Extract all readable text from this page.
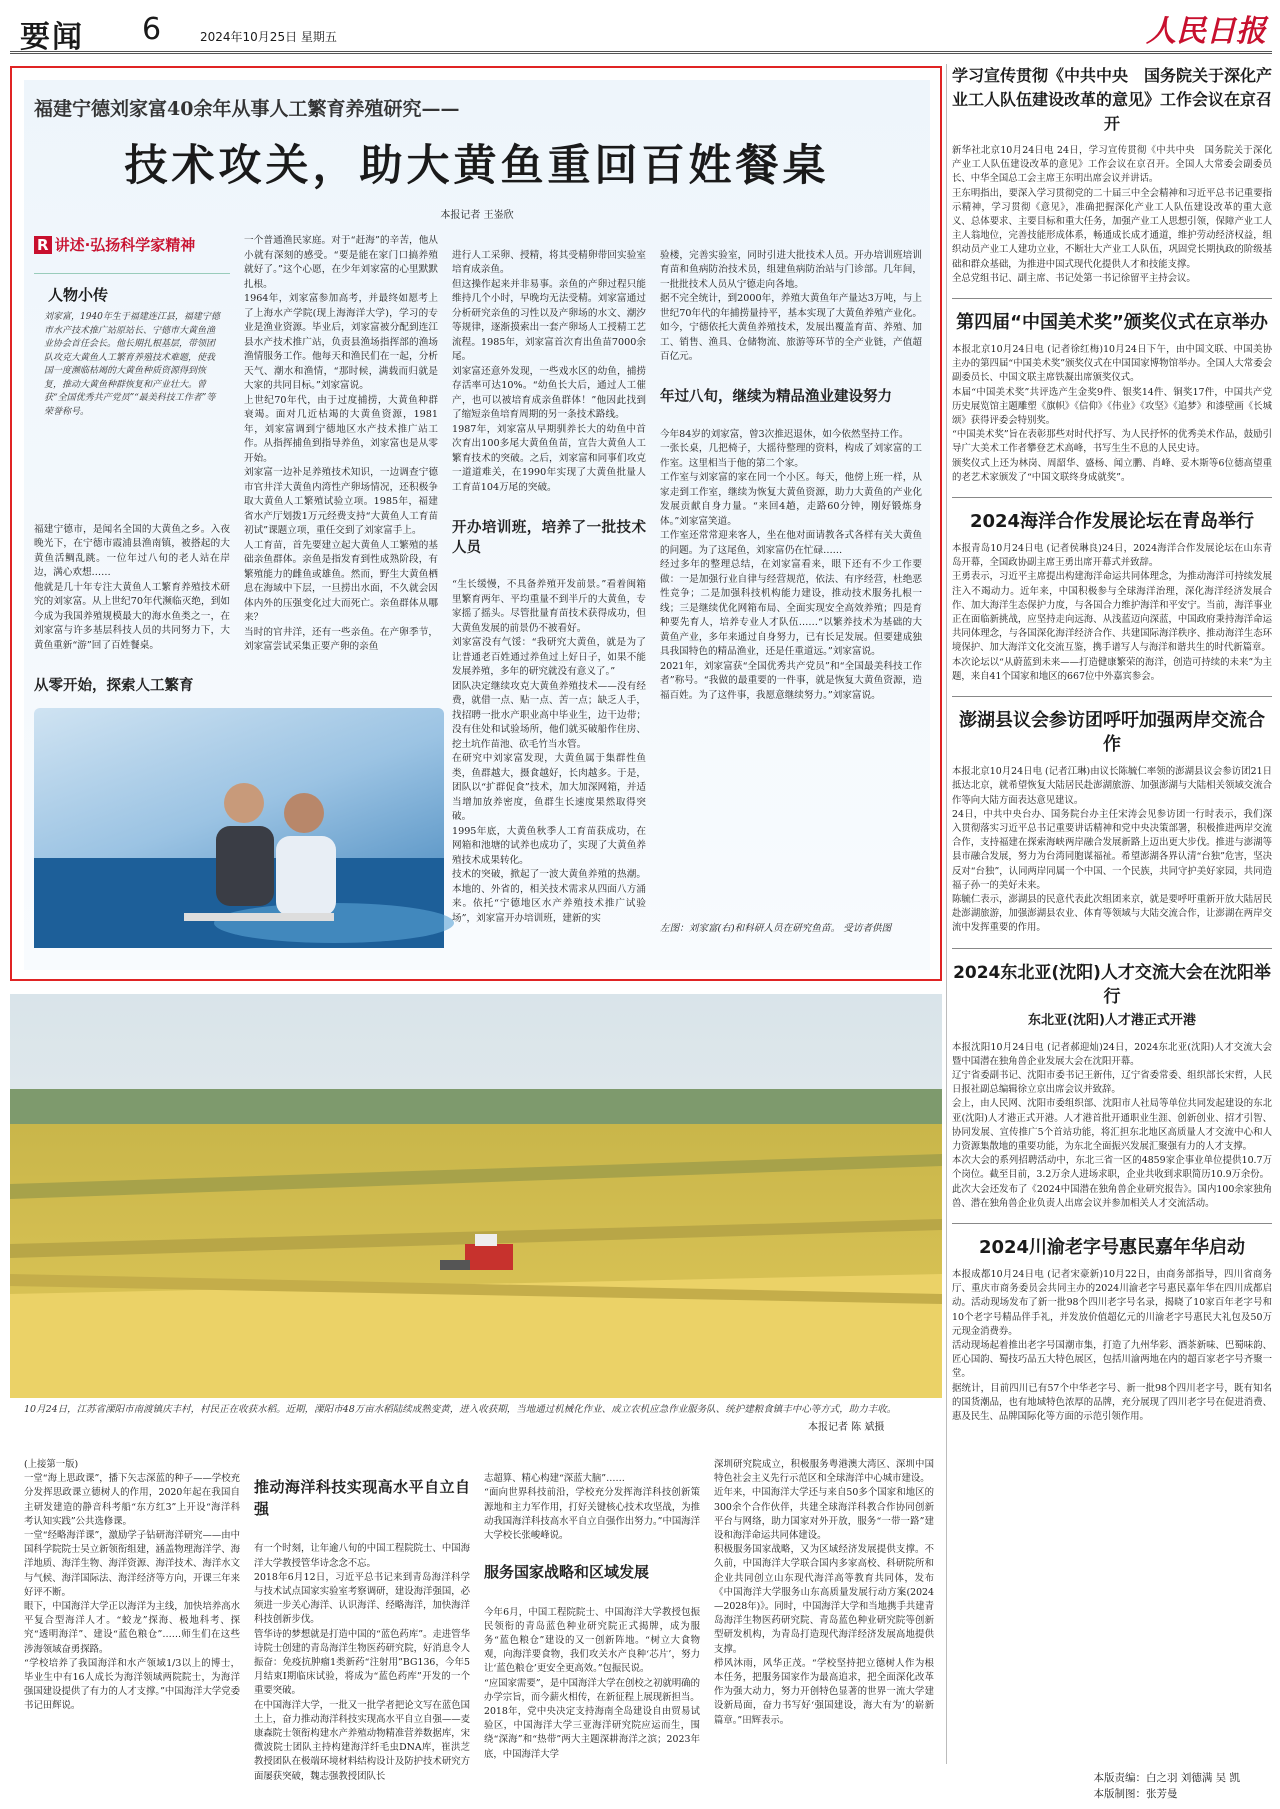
要闻 6	2024年10月25日 星期五	人民日报
福建宁德刘家富40余年从事人工繁育养殖研究——
技术攻关，助大黄鱼重回百姓餐桌
本报记者 王崟欣
R 讲述·弘扬科学家精神
人物小传

刘家富，1940年生于福建连江县，福建宁德市水产技术推广站原站长、宁德市大黄鱼渔业协会首任会长。他长期扎根基层，带领团队攻克大黄鱼人工繁育养殖技术难题，使我国一度濒临枯竭的大黄鱼种质资源得到恢复，推动大黄鱼种群恢复和产业壮大。曾获“全国优秀共产党员”“最美科技工作者”等荣誉称号。

福建宁德市，是闻名全国的大黄鱼之乡。入夜晚光下，在宁德市霞浦县渔南镇，被搭起的大黄鱼活鲷乱跳。一位年过八旬的老人站在岸边，满心欢想……
他就是几十年专注大黄鱼人工繁育养殖技术研究的刘家富。从上世纪70年代濒临灭绝，到如今成为我国养殖规模最大的海水鱼类之一，在刘家富与许多基层科技人员的共同努力下，大黄鱼重新“游”回了百姓餐桌。

从零开始，探索人工繁育

一个普通渔民家庭。对于“赶海”的辛苦，他从小就有深刻的感受。“要是能在家门口搞养殖就好了。”这个心愿，在少年刘家富的心里默默扎根。
1964年，刘家富参加高考，并最终如愿考上了上海水产学院(现上海海洋大学)，学习的专业是渔业资源。毕业后，刘家富被分配到连江县水产技术推广站，负责县渔场指挥部的渔场渔情服务工作。他每天和渔民们在一起，分析天气、潮水和渔情，“那时候，满载而归就是大家的共同目标。”刘家富说。
上世纪70年代，由于过度捕捞，大黄鱼种群衰竭。面对几近枯竭的大黄鱼资源，1981年，刘家富调到宁德地区水产技术推广站工作。从指挥捕鱼到指导养鱼，刘家富也是从零开始。
刘家富一边补足养殖技术知识，一边调查宁德市官井洋大黄鱼内湾性产卵场情况，还积极争取大黄鱼人工繁殖试验立项。1985年，福建省水产厅划拨1万元经费支持“大黄鱼人工育苗初试”课题立项，重任交到了刘家富手上。
人工育苗，首先要建立起大黄鱼人工繁殖的基础亲鱼群体。亲鱼是指发育到性成熟阶段，有繁殖能力的雌鱼或雄鱼。然而，野生大黄鱼栖息在海域中下层，一旦捞出水面，不久就会因体内外的压强变化过大而死亡。亲鱼群体从哪来？
当时的官井洋，还有一些亲鱼。在产卵季节，刘家富尝试采集正要产卵的亲鱼

进行人工采卵、授精，将其受精卵带回实验室培育成亲鱼。
但这操作起来并非易事。亲鱼的产卵过程只能维持几个小时，早晚均无法受精。刘家富通过分析研究亲鱼的习性以及产卵场的水文、潮汐等规律，逐渐摸索出一套产卵场人工授精工艺流程。1985年，刘家富首次育出鱼苗7000余尾。
刘家富还意外发现，一些戏水区的幼鱼，捕捞存活率可达10%。“幼鱼长大后，通过人工催产，也可以被培育成亲鱼群体！”他因此找到了缩短亲鱼培育周期的另一条技术路线。
1987年，刘家富从早期驯养长大的幼鱼中首次育出100多尾大黄鱼鱼苗，宣告大黄鱼人工繁育技术的突破。之后，刘家富和同事们攻克一道道难关，在1990年实现了大黄鱼批量人工育苗104万尾的突破。

开办培训班，培养了一批技术人员

“生长缓慢，不具备养殖开发前景。”看着闽箱里繁育两年、平均重量不到半斤的大黄鱼，专家摇了摇头。尽管批量育苗技术获得成功，但大黄鱼发展的前景仍不被看好。
刘家富没有气馁：“我研究大黄鱼，就是为了让普通老百姓通过养鱼过上好日子，如果不能发展养殖，多年的研究就没有意义了。”
团队决定继续攻克大黄鱼养殖技术——没有经费，就借一点、贴一点、苦一点；缺乏人手，找招聘一批水产职业高中毕业生，边干边带；没有住处和试验场所，他们就买破船作住房、挖土坑作苗池、砍毛竹当水管。
在研究中刘家富发现，大黄鱼属于集群性鱼类，鱼群越大，摄食越好，长肉越多。于是，团队以“扩群促食”技术，加大加深网箱，并适当增加放养密度，鱼群生长速度果然取得突破。
1995年底，大黄鱼秋季人工育苗获成功，在网箱和池塘的试养也成功了，实现了大黄鱼养殖技术成果转化。
技术的突破，掀起了一波大黄鱼养殖的热潮。本地的、外省的，相关技术需求从四面八方涌来。依托“宁德地区水产养殖技术推广试验场”，刘家富开办培训班，建新的实

验楼，完善实验室，同时引进大批技术人员。开办培训班培训育苗和鱼病防治技术员，组建鱼病防治站与门诊部。几年间，一批批技术人员从宁德走向各地。
据不完全统计，到2000年，养殖大黄鱼年产量达3万吨，与上世纪70年代的年捕捞量持平，基本实现了大黄鱼养殖产业化。如今，宁德依托大黄鱼养殖技术，发展出覆盖育苗、养殖、加工、销售、渔具、仓储物流、旅游等环节的全产业链，产值超百亿元。

年过八旬，继续为精品渔业建设努力

今年84岁的刘家富，曾3次推迟退休，如今依然坚持工作。
一张长桌，几把椅子，大摇待整理的资料，构成了刘家富的工作室。这里相当于他的第二个家。
工作室与刘家富的家在同一个小区。每天，他傍上班一样，从家走到工作室，继续为恢复大黄鱼资源，助力大黄鱼的产业化发展贡献自身力量。“来回4趟，走路60分钟，刚好锻炼身体。”刘家富笑道。
工作室还常常迎来客人，坐在他对面请教各式各样有关大黄鱼的问题。为了这尾鱼，刘家富仍在忙碌……
经过多年的整理总结，在刘家富看来，眼下还有不少工作要做：一是加强行业自律与经营规范，依法、有序经营，杜绝恶性竞争；二是加强科技机构能力建设，推动技术服务扎根一线；三是继续优化网箱布局、全面实现安全高效养殖；四是育种要先育人，培养专业人才队伍……“以繁养技术为基础的大黄鱼产业，多年来通过自身努力，已有长足发展。但要建成独具我国特色的精品渔业，还是任重道远。”刘家富说。
2021年，刘家富获“全国优秀共产党员”和“全国最美科技工作者”称号。“我做的最重要的一件事，就是恢复大黄鱼资源，造福百姓。为了这件事，我愿意继续努力。”刘家富说。

左图：刘家富(右)和科研人员在研究鱼苗。 受访者供图
学习宣传贯彻《中共中央　国务院关于深化产业工人队伍建设改革的意见》工作会议在京召开
新华社北京10月24日电 24日，学习宣传贯彻《中共中央　国务院关于深化产业工人队伍建设改革的意见》工作会议在京召开。全国人大常委会副委员长、中华全国总工会主席王东明出席会议并讲话。
王东明指出，要深入学习贯彻党的二十届三中全会精神和习近平总书记重要指示精神，学习贯彻《意见》，准确把握深化产业工人队伍建设改革的重大意义、总体要求、主要目标和重大任务，加强产业工人思想引领，保障产业工人主人翁地位，完善技能形成体系，畅通成长成才通道，维护劳动经济权益，组织动员产业工人建功立业，不断壮大产业工人队伍，巩固党长期执政的阶级基础和群众基础，为推进中国式现代化提供人才和技能支撑。
全总党组书记、副主席、书记处第一书记徐留平主持会议。
第四届“中国美术奖”颁奖仪式在京举办
本报北京10月24日电 (记者徐红梅)10月24日下午，由中国文联、中国美协主办的第四届“中国美术奖”颁奖仪式在中国国家博物馆举办。全国人大常委会副委员长、中国文联主席铁凝出席颁奖仪式。
本届“中国美术奖”共评选产生金奖9件、银奖14件、铜奖17件，中国共产党历史展览馆主题雕塑《旗帜》《信仰》《伟业》《攻坚》《追梦》和漆壁画《长城颂》获得评委会特别奖。
“中国美术奖”旨在表彰那些对时代抒写、为人民抒怀的优秀美术作品，鼓励引导广大美术工作者攀登艺术高峰，书写生生不息的人民史诗。
颁奖仪式上还为林岗、周韶华、盛杨、闻立鹏、肖峰、妥木斯等6位德高望重的老艺术家颁发了“中国文联终身成就奖”。
2024海洋合作发展论坛在青岛举行
本报青岛10月24日电 (记者侯琳良)24日，2024海洋合作发展论坛在山东青岛开幕，全国政协副主席王勇出席开幕式并致辞。
王勇表示，习近平主席提出构建海洋命运共同体理念，为推动海洋可持续发展注入不竭动力。近年来，中国积极参与全球海洋治理，深化海洋经济发展合作、加大海洋生态保护力度，与各国合力维护海洋和平安宁。当前，海洋事业正在面临新挑战，应坚持走向远海、从浅蓝迈向深蓝，中国政府秉持海洋命运共同体理念，与各国深化海洋经济合作、共建国际海洋秩序、推动海洋生态环境保护、加大海洋文化交流互鉴，携手谱写人与海洋和谐共生的时代新篇章。
本次论坛以“从蔚蓝到未来——打造健康繁荣的海洋，创造可持续的未来”为主题，来自41个国家和地区的667位中外嘉宾参会。
澎湖县议会参访团呼吁加强两岸交流合作
本报北京10月24日电 (记者江琳)由议长陈毓仁率领的澎湖县议会参访团21日抵达北京，就希望恢复大陆居民赴澎湖旅游、加强澎湖与大陆相关领域交流合作等向大陆方面表达意见建议。
24日，中共中央台办、国务院台办主任宋涛会见参访团一行时表示，我们深入贯彻落实习近平总书记重要讲话精神和党中央决策部署，积极推进两岸交流合作，支持福建在探索海峡两岸融合发展新路上迈出更大步伐。推进与澎湖等县市融合发展，努力为台湾同胞谋福祉。希望澎湖各界认清“台独”危害，坚决反对“台独”，认同两岸同属一个中国、一个民族，共同守护美好家园，共同造福子孙一的美好未来。
陈毓仁表示，澎湖县的民意代表此次组团来京，就是要呼吁重新开放大陆居民赴澎湖旅游，加强澎湖县农业、体育等领域与大陆交流合作，让澎湖在两岸交流中发挥重要的作用。
2024东北亚(沈阳)人才交流大会在沈阳举行
东北亚(沈阳)人才港正式开港
本报沈阳10月24日电 (记者郝迎灿)24日，2024东北亚(沈阳)人才交流大会暨中国潜在独角兽企业发展大会在沈阳开幕。
辽宁省委副书记、沈阳市委书记王新伟，辽宁省委常委、组织部长宋哲，人民日报社副总编辑徐立京出席会议并致辞。
会上，由人民网、沈阳市委组织部、沈阳市人社局等单位共同发起建设的东北亚(沈阳)人才港正式开港。人才港首批开通职业生涯、创新创业、招才引智、协同发展、宣传推广5个首站功能，将汇担东北地区高质量人才交流中心和人力资源集散地的重要功能，为东北全面振兴发展汇聚强有力的人才支撑。
本次大会的系列招聘活动中，东北三省一区的4859家企事业单位提供10.7万个岗位。截至目前，3.2万余人进场求职，企业共收到求职简历10.9万余份。
此次大会还发布了《2024中国潜在独角兽企业研究报告》。国内100余家独角兽、潜在独角兽企业负责人出席会议并参加相关人才交流活动。
2024川渝老字号惠民嘉年华启动
本报成都10月24日电 (记者宋豪新)10月22日，由商务部指导，四川省商务厅、重庆市商务委员会共同主办的2024川渝老字号惠民嘉年华在四川成都启动。活动现场发布了新一批98个四川老字号名录，揭晓了10家百年老字号和10个老字号精品伴手礼，并发放价值超亿元的川渝老字号惠民大礼包及50万元现金消费券。
活动现场起着推出老字号国潮市集，打造了九州华彩、酒茶新味、巴蜀味韵、匠心国韵、蜀技巧品五大特色展区，包括川渝两地在内的超百家老字号齐聚一堂。
据统计，目前四川已有57个中华老字号、新一批98个四川老字号，既有知名的国货潮品，也有地域特色浓厚的品牌，充分展现了四川老字号在促进消费、惠及民生、品牌国际化等方面的示范引领作用。
10月24日，江苏省溧阳市南渡镇庆丰村，村民正在收获水稻。近期，溧阳市48万亩水稻陆续成熟变黄，进入收获期，当地通过机械化作业、成立农机应急作业服务队、统护建粮食镇丰中心等方式，助力丰收。
本报记者 陈 斌摄
(上接第一版)
一堂“海上思政课”，播下矢志深蓝的种子——学校充分发挥思政课立德树人的作用，2020年起在我国自主研发建造的静音科考船“东方红3”上开设“海洋科考认知实践”公共选修课。
一堂“经略海洋课”，激励学子钻研海洋研究——由中国科学院院士吴立新领衔组建，涵盖物理海洋学、海洋地质、海洋生物、海洋资源、海洋技术、海洋水文与气候、海洋国际法、海洋经济等方向，开课三年来好评不断。
眼下，中国海洋大学正以海洋为主线，加快培养高水平复合型海洋人才。“蛟龙”探海、极地科考、探究“透明海洋”、建设“蓝色粮仓”……师生们在这些涉海领域奋勇探路。
“学校培养了我国海洋和水产领域1/3以上的博士，毕业生中有16人成长为海洋领域两院院士，为海洋强国建设提供了有力的人才支撑。”中国海洋大学党委书记田辉说。

推动海洋科技实现高水平自立自强

有一个时刻，让年逾八旬的中国工程院院士、中国海洋大学教授管华诗念念不忘。
2018年6月12日，习近平总书记来到青岛海洋科学与技术试点国家实验室考察调研，建设海洋强国，必须进一步关心海洋、认识海洋、经略海洋，加快海洋科技创新步伐。
管华诗的梦想就是打造中国的“蓝色药库”。走进管华诗院士创建的青岛海洋生物医药研究院，好消息令人振奋：免疫抗肿瘤1类新药“注射用”BG136，今年5月结束I期临床试验，将成为“蓝色药库”开发的一个重要突破。
在中国海洋大学，一批又一批学者把论文写在蓝色国土上，奋力推动海洋科技实现高水平自立自强——麦康森院士领衔构建水产养殖动物精准营养数据库，宋微波院士团队主持构建海洋纤毛虫DNA库，崔洪芝教授团队在极端环境材料结构设计及防护技术研究方面屡获突破，魏志强教授团队长

志超算、精心构建“深蓝大脑”……
“面向世界科技前沿，学校充分发挥海洋科技创新策源地和主力军作用，打好关键核心技术攻坚战，为推动我国海洋科技高水平自立自强作出努力。”中国海洋大学校长张峻峰说。

服务国家战略和区域发展

今年6月，中国工程院院士、中国海洋大学教授包振民领衔的青岛蓝色种业研究院正式揭牌，成为服务“蓝色粮仓”建设的又一创新阵地。“树立大食物观，向海洋要食物，我们攻关水产良种‘芯片’，努力让‘蓝色粮仓’更安全更高效。”包振民说。
“应国家需要”，是中国海洋大学在创校之初就明确的办学宗旨，而今薪火相传，在新征程上展现新担当。
2018年，党中央决定支持海南全岛建设自由贸易试验区，中国海洋大学三亚海洋研究院应运而生，围绕“深海”和“热带”两大主题深耕海洋之滨；2023年底，中国海洋大学

深圳研究院成立，积极服务粤港澳大湾区、深圳中国特色社会主义先行示范区和全球海洋中心城市建设。
近年来，中国海洋大学还与来自50多个国家和地区的300余个合作伙伴，共建全球海洋科教合作协同创新平台与网络，助力国家对外开放，服务“一带一路”建设和海洋命运共同体建设。
积极服务国家战略，又为区域经济发展提供支撑。不久前，中国海洋大学联合国内多家高校、科研院所和企业共同创立山东现代海洋高等教育共同体，发布《中国海洋大学服务山东高质量发展行动方案(2024—2028年)》。同时，中国海洋大学和当地携手共建青岛海洋生物医药研究院、青岛蓝色种业研究院等创新型研发机构，为青岛打造现代海洋经济发展高地提供支撑。
栉风沐雨，风华正茂。“学校坚持把立德树人作为根本任务，把服务国家作为最高追求，把全面深化改革作为强大动力，努力开创特色显著的世界一流大学建设新局面，奋力书写好‘强国建设，海大有为’的崭新篇章。”田辉表示。
本版责编：白之羽 刘德满 吴 凯
本版制图：张芳曼
